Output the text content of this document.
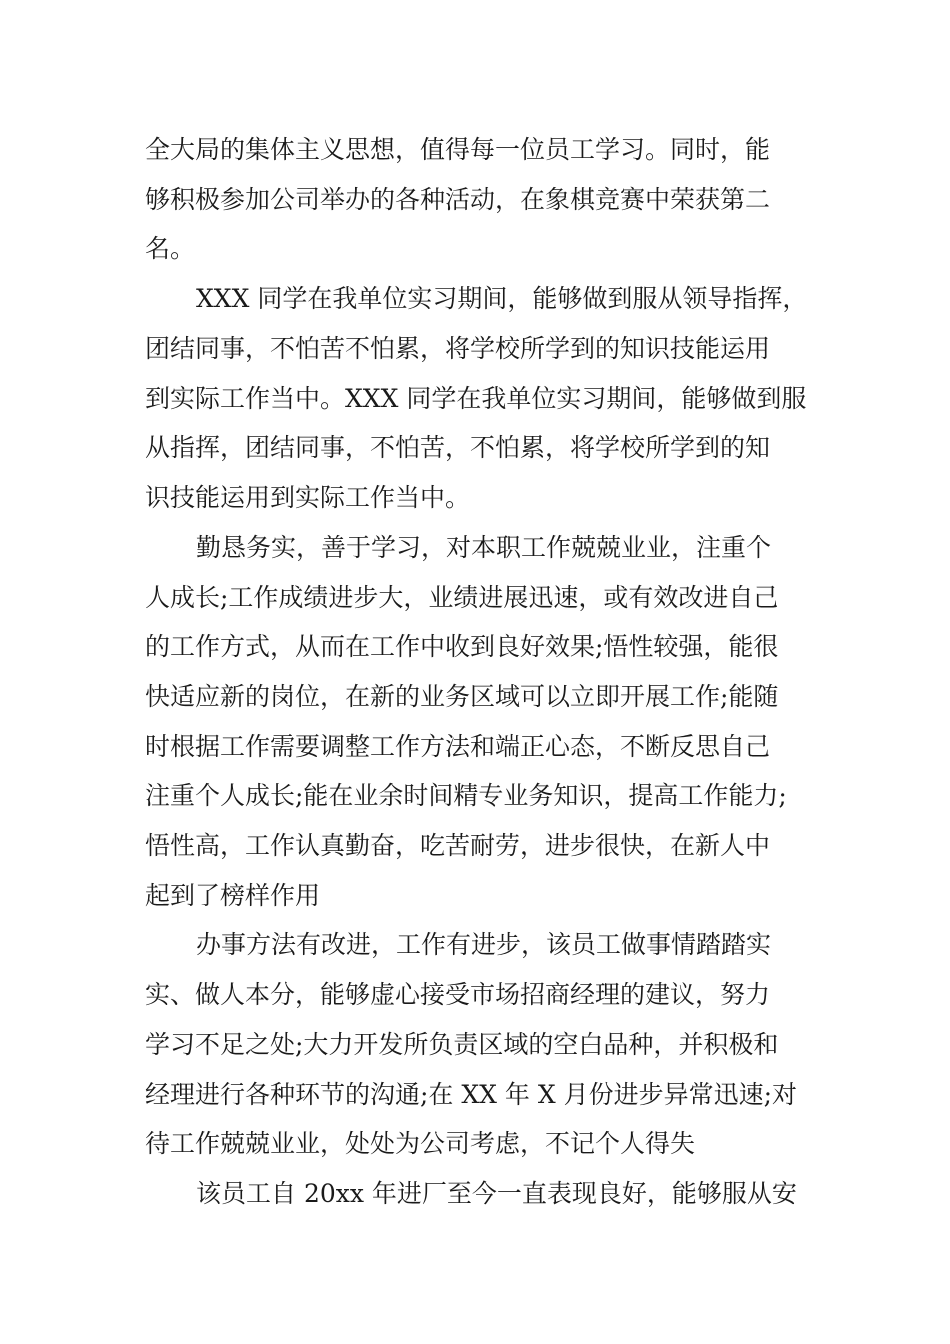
全大局的集体主义思想，值得每一位员工学习。同时，能
够积极参加公司举办的各种活动，在象棋竞赛中荣获第二
名。
XXX 同学在我单位实习期间，能够做到服从领导指挥，
团结同事，不怕苦不怕累，将学校所学到的知识技能运用
到实际工作当中。XXX 同学在我单位实习期间，能够做到服
从指挥，团结同事，不怕苦，不怕累，将学校所学到的知
识技能运用到实际工作当中。
勤恳务实，善于学习，对本职工作兢兢业业，注重个
人成长;工作成绩进步大，业绩进展迅速，或有效改进自己
的工作方式，从而在工作中收到良好效果;悟性较强，能很
快适应新的岗位，在新的业务区域可以立即开展工作;能随
时根据工作需要调整工作方法和端正心态，不断反思自己
注重个人成长;能在业余时间精专业务知识，提高工作能力;
悟性高，工作认真勤奋，吃苦耐劳，进步很快，在新人中
起到了榜样作用
办事方法有改进，工作有进步，该员工做事情踏踏实
实、做人本分，能够虚心接受市场招商经理的建议，努力
学习不足之处;大力开发所负责区域的空白品种，并积极和
经理进行各种环节的沟通;在 XX 年 X 月份进步异常迅速;对
待工作兢兢业业，处处为公司考虑，不记个人得失
该员工自 20xx 年进厂至今一直表现良好，能够服从安
